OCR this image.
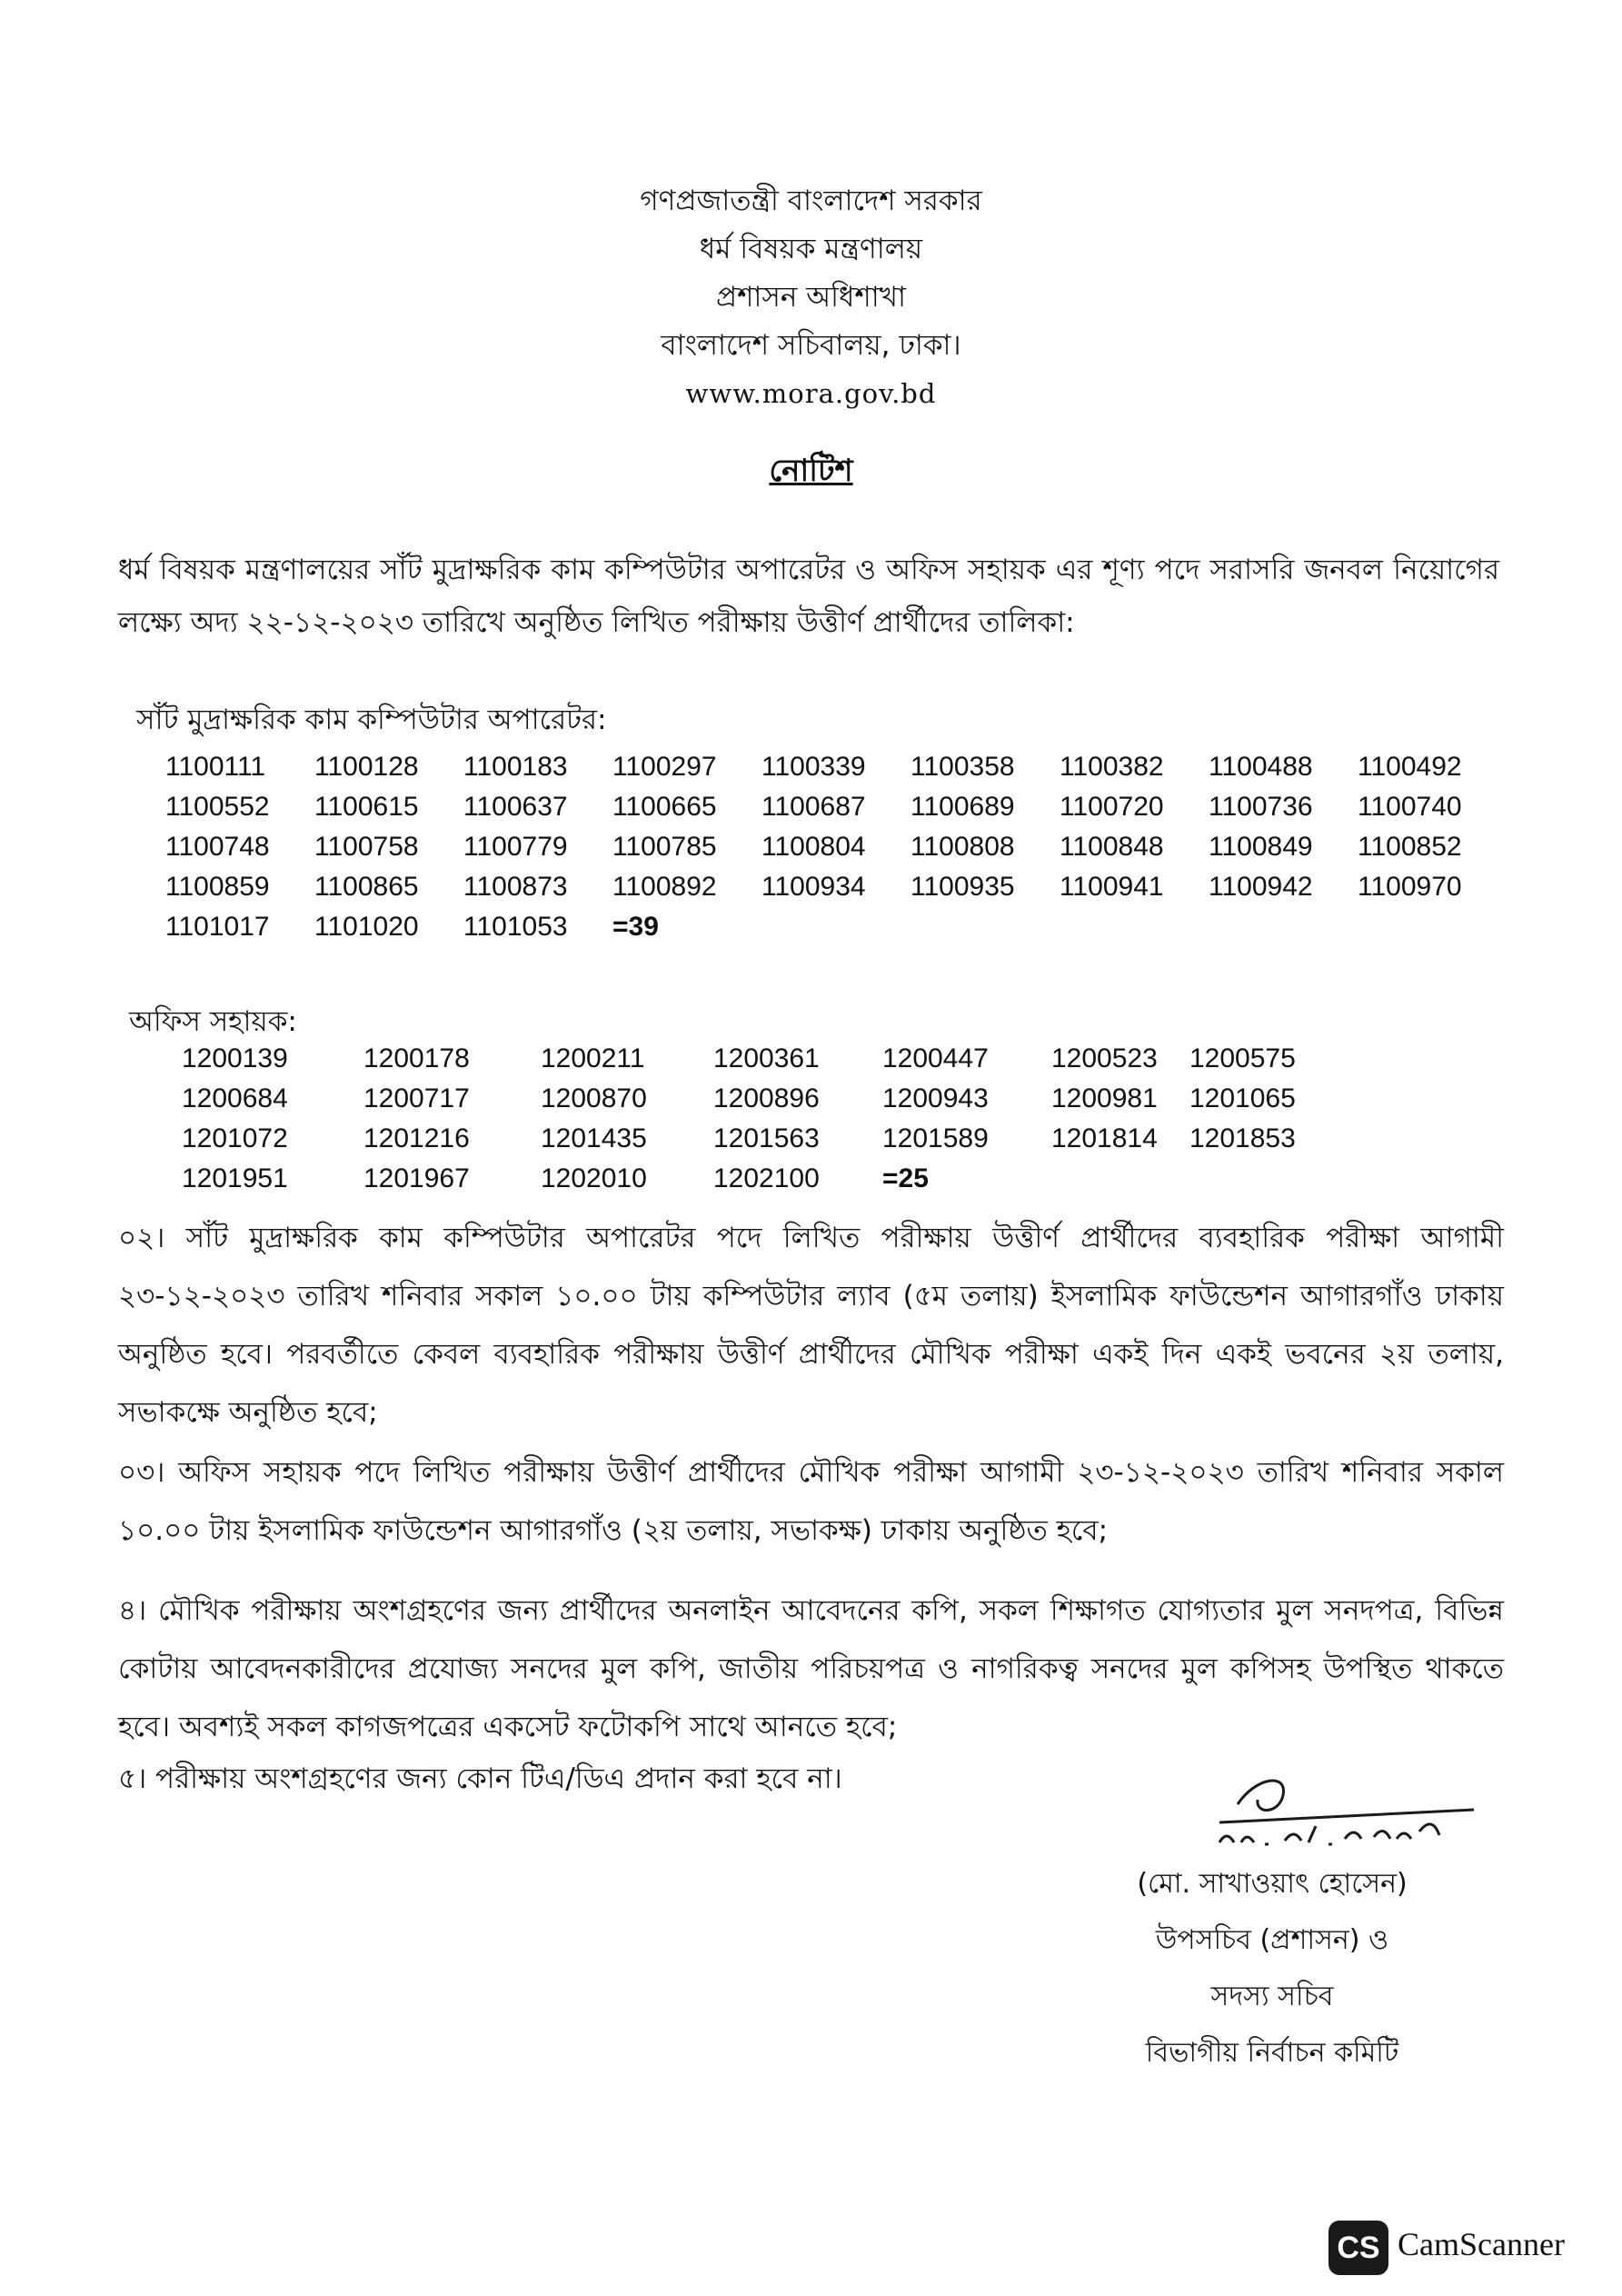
গণপ্রজাতন্ত্রী বাংলাদেশ সরকার
ধর্ম বিষয়ক মন্ত্রণালয়
প্রশাসন অধিশাখা
বাংলাদেশ সচিবালয়, ঢাকা।
www.mora.gov.bd
নোটিশ
ধর্ম বিষয়ক মন্ত্রণালয়ের সাঁট মুদ্রাক্ষরিক কাম কম্পিউটার অপারেটর ও অফিস সহায়ক এর শূণ্য পদে সরাসরি জনবল নিয়োগের লক্ষ্যে অদ্য ২২-১২-২০২৩ তারিখে অনুষ্ঠিত লিখিত পরীক্ষায় উত্তীর্ণ প্রার্থীদের তালিকা:
সাঁট মুদ্রাক্ষরিক কাম কম্পিউটার অপারেটর:
1100111	1100128	1100183	1100297	1100339	1100358	1100382	1100488	1100492
1100552	1100615	1100637	1100665	1100687	1100689	1100720	1100736	1100740
1100748	1100758	1100779	1100785	1100804	1100808	1100848	1100849	1100852
1100859	1100865	1100873	1100892	1100934	1100935	1100941	1100942	1100970
1101017	1101020	1101053	=39
অফিস সহায়ক:
1200139	1200178	1200211	1200361	1200447	1200523	1200575
1200684	1200717	1200870	1200896	1200943	1200981	1201065
1201072	1201216	1201435	1201563	1201589	1201814	1201853
1201951	1201967	1202010	1202100	=25
০২। সাঁট মুদ্রাক্ষরিক কাম কম্পিউটার অপারেটর পদে লিখিত পরীক্ষায় উত্তীর্ণ প্রার্থীদের ব্যবহারিক পরীক্ষা আগামী ২৩-১২-২০২৩ তারিখ শনিবার সকাল ১০.০০ টায় কম্পিউটার ল্যাব (৫ম তলায়) ইসলামিক ফাউন্ডেশন আগারগাঁও ঢাকায় অনুষ্ঠিত হবে। পরবর্তীতে কেবল ব্যবহারিক পরীক্ষায় উত্তীর্ণ প্রার্থীদের মৌখিক পরীক্ষা একই দিন একই ভবনের ২য় তলায়, সভাকক্ষে অনুষ্ঠিত হবে;
০৩। অফিস সহায়ক পদে লিখিত পরীক্ষায় উত্তীর্ণ প্রার্থীদের মৌখিক পরীক্ষা আগামী ২৩-১২-২০২৩ তারিখ শনিবার সকাল ১০.০০ টায় ইসলামিক ফাউন্ডেশন আগারগাঁও (২য় তলায়, সভাকক্ষ) ঢাকায় অনুষ্ঠিত হবে;
৪। মৌখিক পরীক্ষায় অংশগ্রহণের জন্য প্রার্থীদের অনলাইন আবেদনের কপি, সকল শিক্ষাগত যোগ্যতার মুল সনদপত্র, বিভিন্ন কোটায় আবেদনকারীদের প্রযোজ্য সনদের মুল কপি, জাতীয় পরিচয়পত্র ও নাগরিকত্ব সনদের মুল কপিসহ উপস্থিত থাকতে হবে। অবশ্যই সকল কাগজপত্রের একসেট ফটোকপি সাথে আনতে হবে;
৫। পরীক্ষায় অংশগ্রহণের জন্য কোন টিএ/ডিএ প্রদান করা হবে না।
(মো. সাখাওয়াৎ হোসেন)
উপসচিব (প্রশাসন) ও
সদস্য সচিব
বিভাগীয় নির্বাচন কমিটি
CS CamScanner
